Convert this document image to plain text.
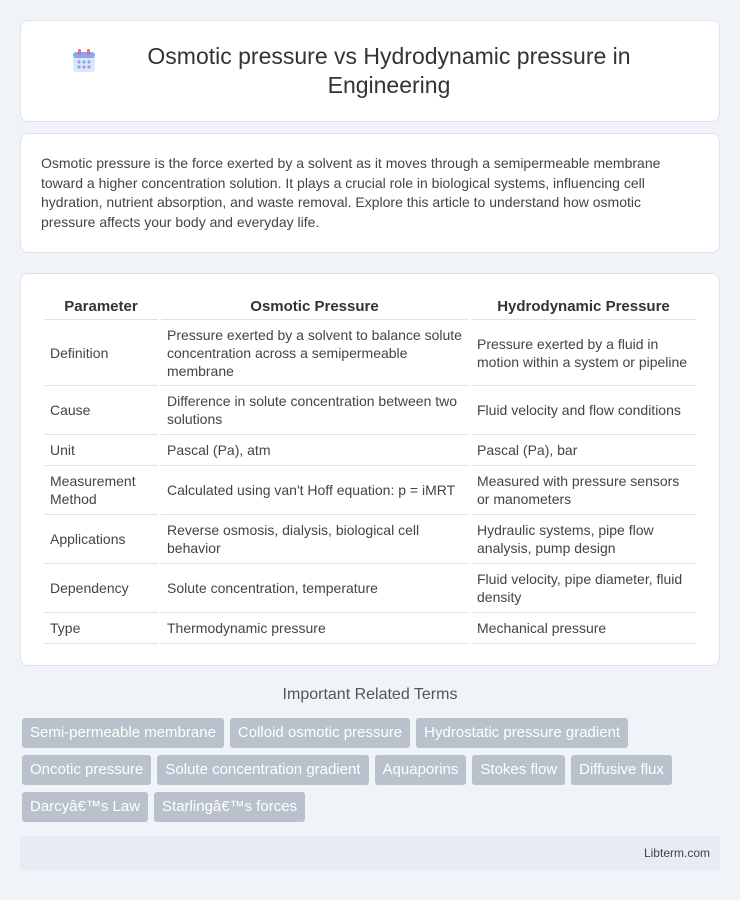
Osmotic pressure vs Hydrodynamic pressure in Engineering

Osmotic pressure is the force exerted by a solvent as it moves through a semipermeable membrane toward a higher concentration solution. It plays a crucial role in biological systems, influencing cell hydration, nutrient absorption, and waste removal. Explore this article to understand how osmotic pressure affects your body and everyday life.

Parameter	Osmotic Pressure	Hydrodynamic Pressure
Definition	Pressure exerted by a solvent to balance solute concentration across a semipermeable membrane	Pressure exerted by a fluid in motion within a system or pipeline
Cause	Difference in solute concentration between two solutions	Fluid velocity and flow conditions
Unit	Pascal (Pa), atm	Pascal (Pa), bar
Measurement Method	Calculated using van't Hoff equation: p = iMRT	Measured with pressure sensors or manometers
Applications	Reverse osmosis, dialysis, biological cell behavior	Hydraulic systems, pipe flow analysis, pump design
Dependency	Solute concentration, temperature	Fluid velocity, pipe diameter, fluid density
Type	Thermodynamic pressure	Mechanical pressure
Important Related Terms
Semi-permeable membrane	Colloid osmotic pressure	Hydrostatic pressure gradient
Oncotic pressure	Solute concentration gradient	Aquaporins	Stokes flow	Diffusive flux
Darcyâ€™s Law	Starlingâ€™s forces
Libterm.com
